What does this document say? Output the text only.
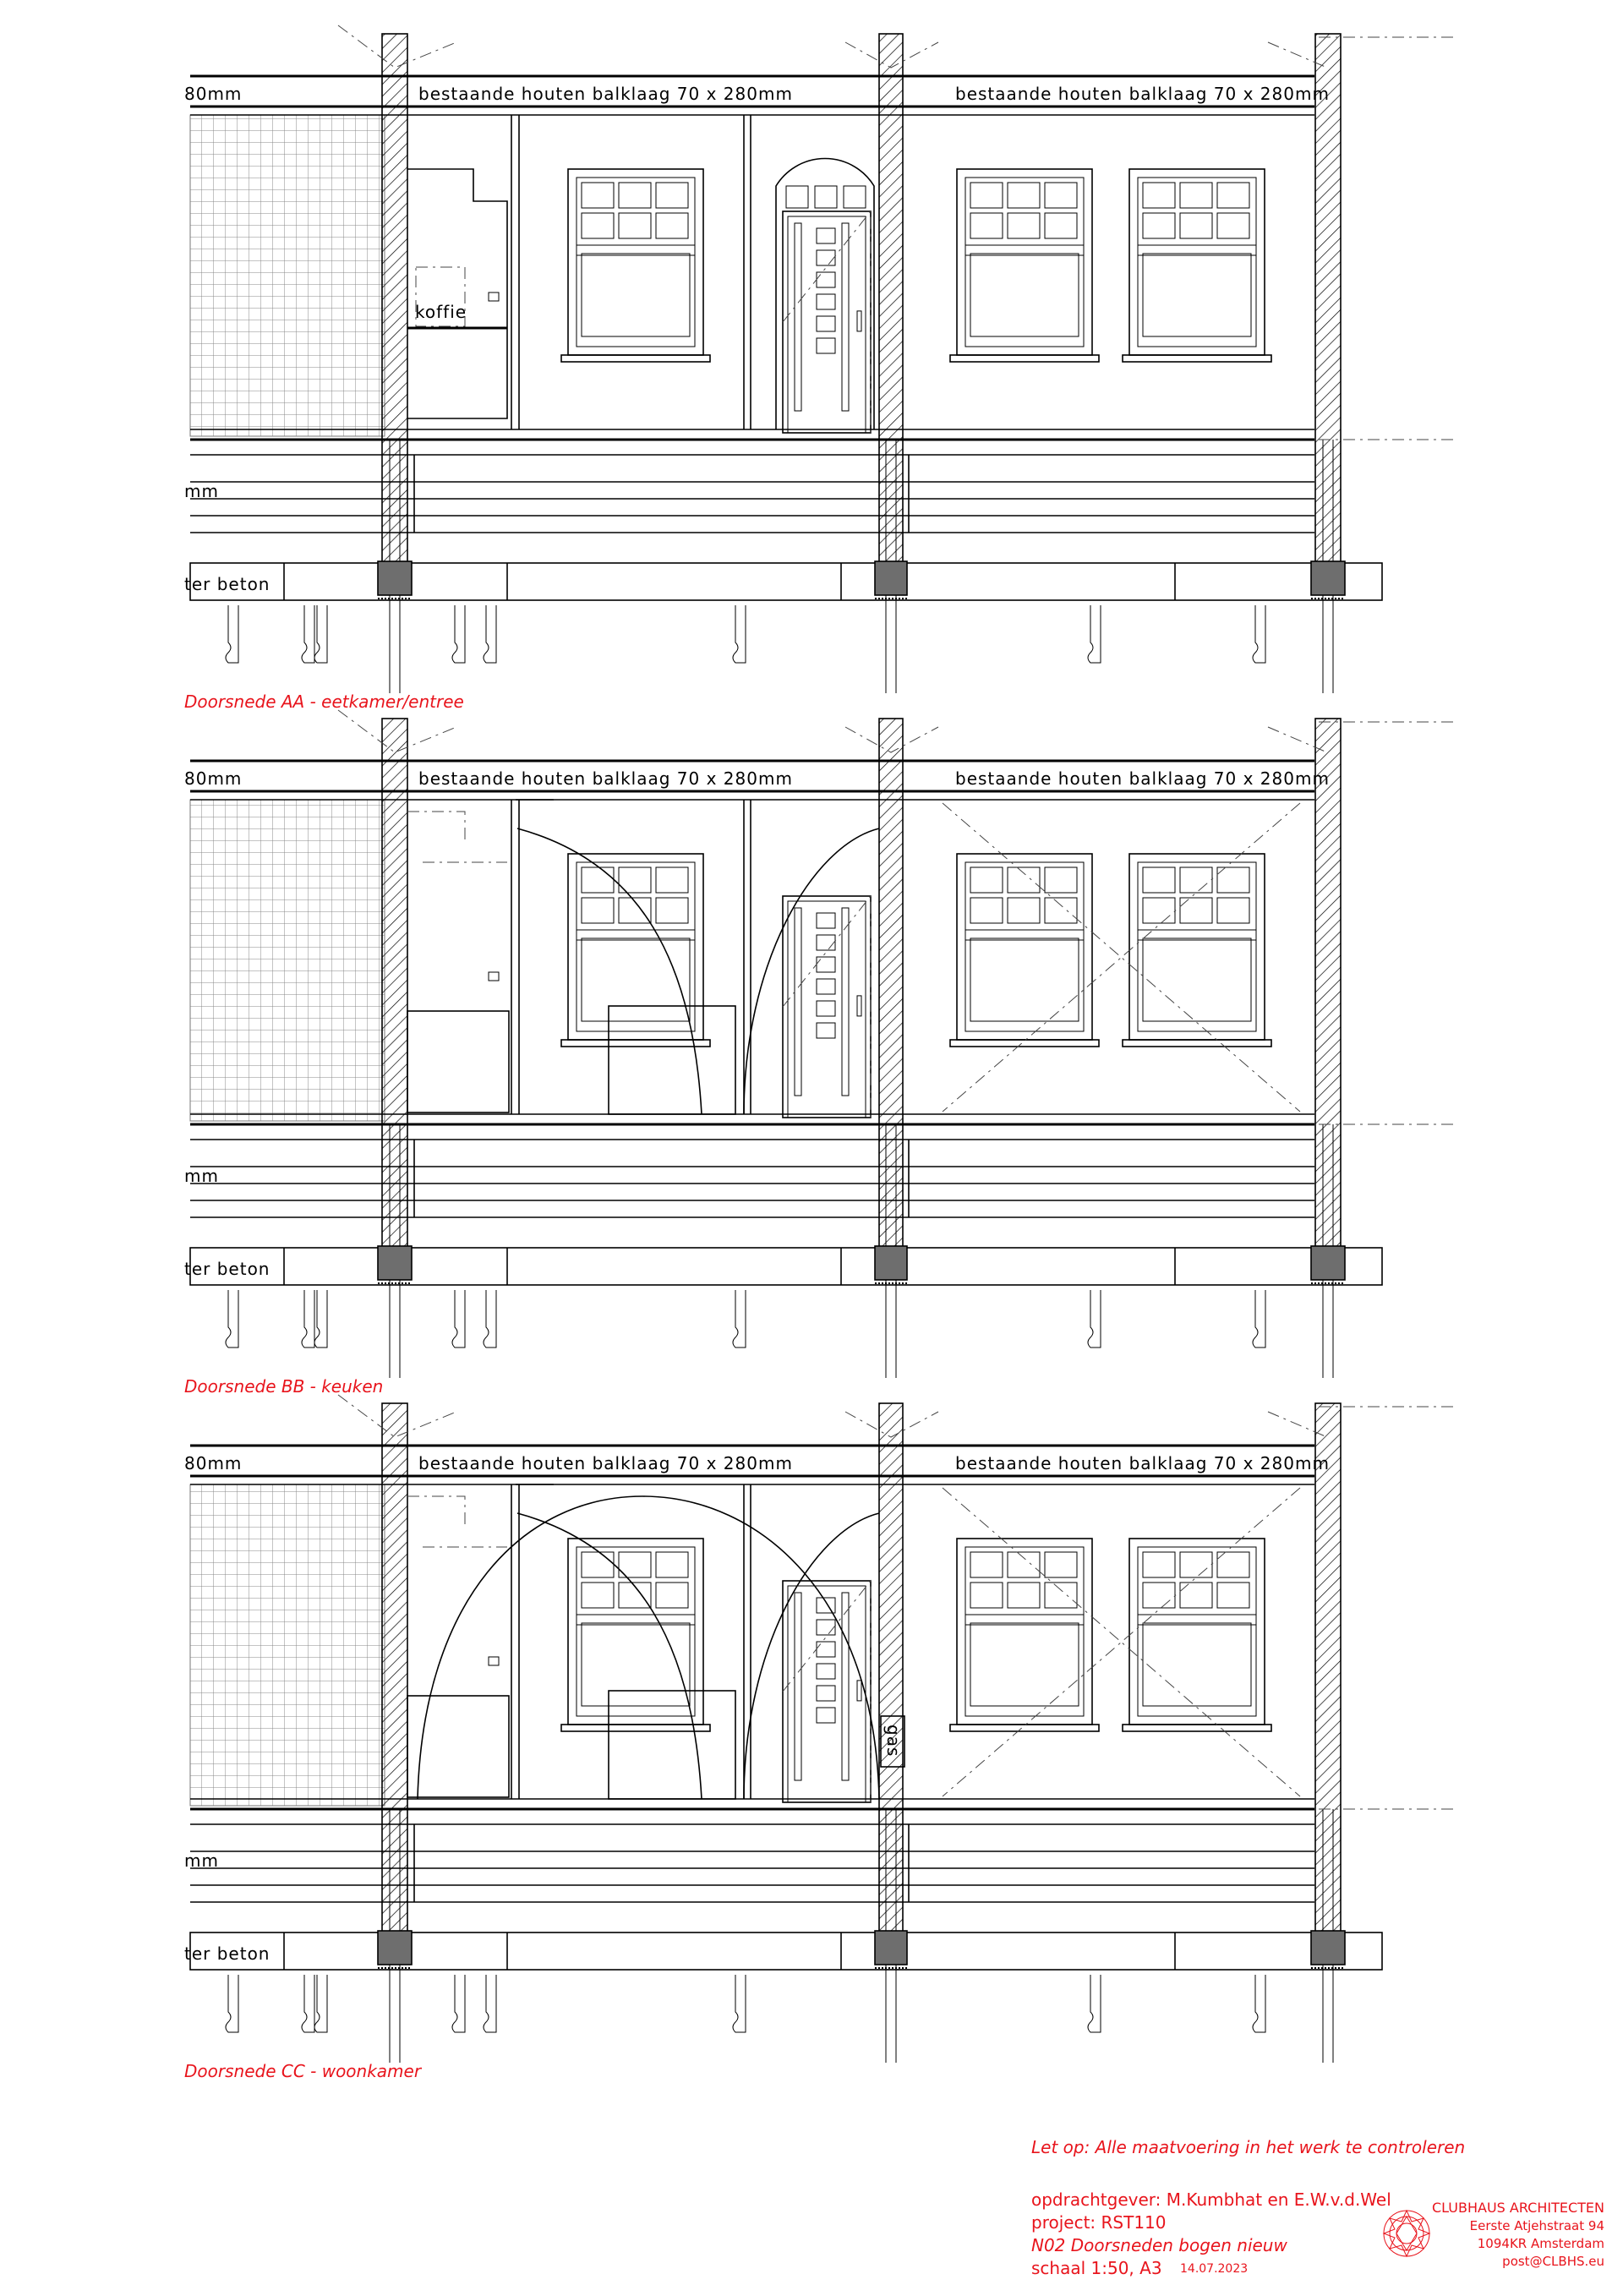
bestaande houten balklaag 70 x 280mm	bestaande houten balklaag 70 x 280mm
80mm
mm
ter beton
koffie
bestaande houten balklaag 70 x 280mm	bestaande houten balklaag 70 x 280mm
80mm
mm
ter beton
bestaande houten balklaag 70 x 280mm	bestaande houten balklaag 70 x 280mm
80mm
mm
ter beton
gas
Doorsnede AA - eetkamer/entree
Doorsnede BB - keuken
Doorsnede CC - woonkamer
Let op: Alle maatvoering in het werk te controleren
opdrachtgever: M.Kumbhat en E.W.v.d.Wel
project: RST110
N02 Doorsneden bogen nieuw
schaal 1:50, A3 14.07.2023
CLUBHAUS ARCHITECTEN
Eerste Atjehstraat 94
1094KR Amsterdam
post@CLBHS.eu
